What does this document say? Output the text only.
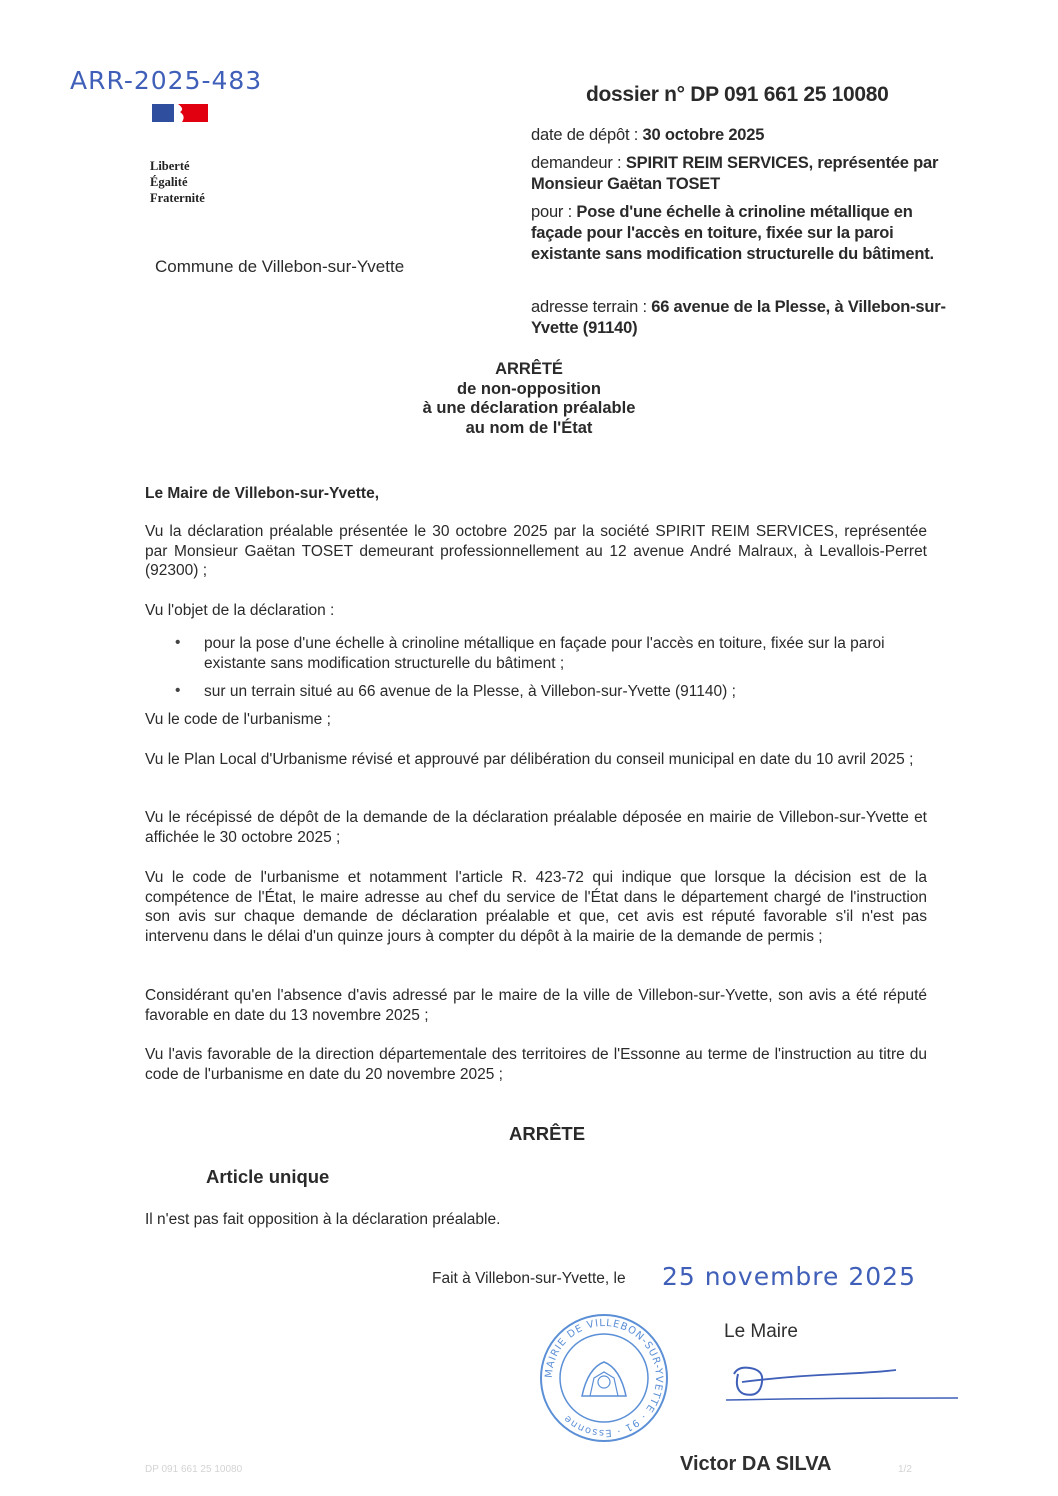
ARR-2025-483
Liberté
Égalité
Fraternité
Commune de Villebon-sur-Yvette
dossier n° DP 091 661 25 10080
date de dépôt : 30 octobre 2025
demandeur : SPIRIT REIM SERVICES, représentée par Monsieur Gaëtan TOSET
pour : Pose d'une échelle à crinoline métallique en façade pour l'accès en toiture, fixée sur la paroi existante sans modification structurelle du bâtiment.
adresse terrain : 66 avenue de la Plesse, à Villebon-sur-Yvette (91140)
ARRÊTÉ
de non-opposition
à une déclaration préalable
au nom de l'État
Le Maire de Villebon-sur-Yvette,
Vu la déclaration préalable présentée le 30 octobre 2025 par la société SPIRIT REIM SERVICES, représentée par Monsieur Gaëtan TOSET demeurant professionnellement au 12 avenue André Malraux, à Levallois-Perret (92300) ;
Vu l'objet de la déclaration :
• pour la pose d'une échelle à crinoline métallique en façade pour l'accès en toiture, fixée sur la paroi existante sans modification structurelle du bâtiment ;
• sur un terrain situé au 66 avenue de la Plesse, à Villebon-sur-Yvette (91140) ;
Vu le code de l'urbanisme ;
Vu le Plan Local d'Urbanisme révisé et approuvé par délibération du conseil municipal en date du 10 avril 2025 ;
Vu le récépissé de dépôt de la demande de la déclaration préalable déposée en mairie de Villebon-sur-Yvette et affichée le 30 octobre 2025 ;
Vu le code de l'urbanisme et notamment l'article R. 423-72 qui indique que lorsque la décision est de la compétence de l'État, le maire adresse au chef du service de l'État dans le département chargé de l'instruction son avis sur chaque demande de déclaration préalable et que, cet avis est réputé favorable s'il n'est pas intervenu dans le délai d'un quinze jours à compter du dépôt à la mairie de la demande de permis ;
Considérant qu'en l'absence d'avis adressé par le maire de la ville de Villebon-sur-Yvette, son avis a été réputé favorable en date du 13 novembre 2025 ;
Vu l'avis favorable de la direction départementale des territoires de l'Essonne au terme de l'instruction au titre du code de l'urbanisme en date du 20 novembre 2025 ;
ARRÊTE
Article unique
Il n'est pas fait opposition à la déclaration préalable.
Fait à Villebon-sur-Yvette, le 25 novembre 2025
Le Maire
MAIRIE DE VILLEBON-SUR-YVETTE · 91 · Essonne
Victor DA SILVA
DP 091 661 25 10080	1/2
